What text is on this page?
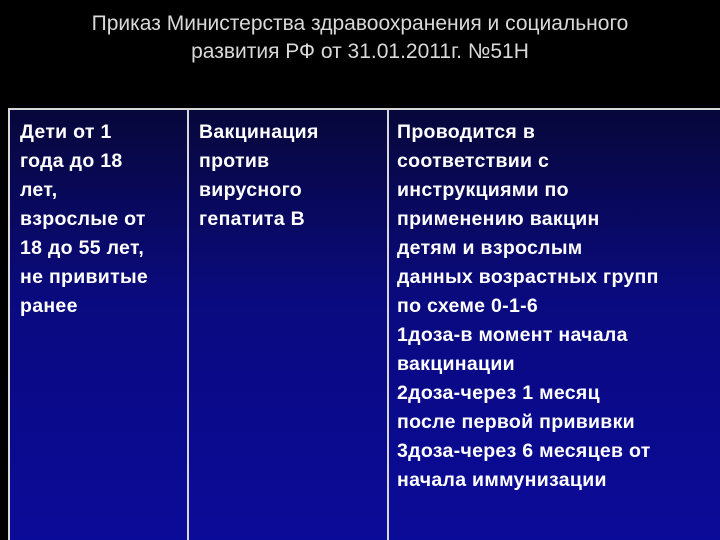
Приказ Министерства здравоохранения и социального
развития РФ от 31.01.2011г. №51Н
Дети от 1
года до 18
лет,
взрослые от
18 до 55 лет,
не привитые
ранее
Вакцинация
против
вирусного
гепатита В
Проводится в
соответствии с
инструкциями по
применению вакцин
детям и взрослым
данных возрастных групп
по схеме 0-1-6
1доза-в момент начала
вакцинации
2доза-через 1 месяц
после первой прививки
3доза-через 6 месяцев от
начала иммунизации
